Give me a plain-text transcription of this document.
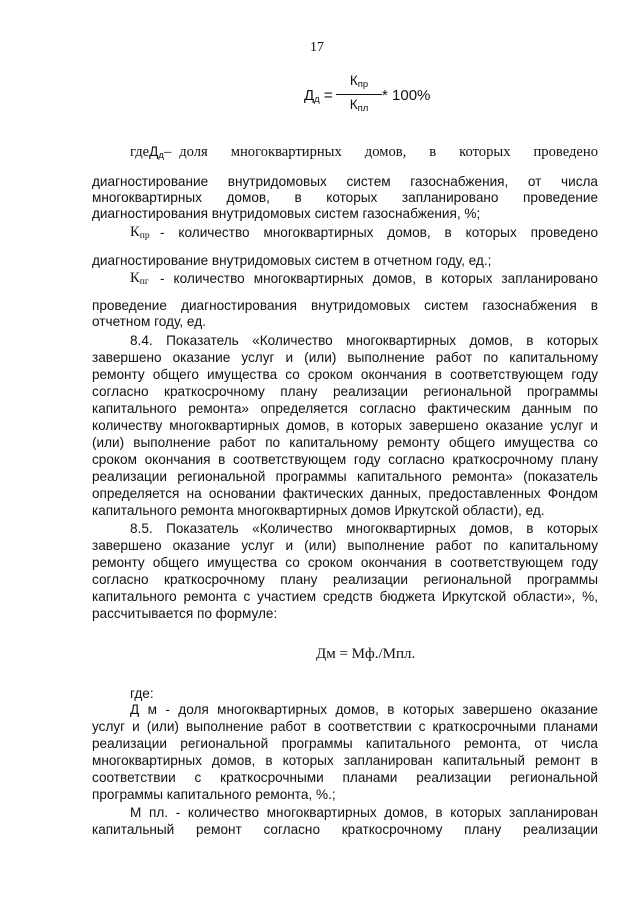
17
$Д_д$ =
$К_{пр}$
$К_{пл}$
* 100%
где $Д_д$ – доля многоквартирных домов, в которых проведено
диагностирование внутридомовых систем газоснабжения, от числа
многоквартирных домов, в которых запланировано проведение
диагностирования внутридомовых систем газоснабжения, %;
$К_{пр}$ - количество многоквартирных домов, в которых проведено
диагностирование внутридомовых систем в отчетном году, ед.;
$К_{пг}$ - количество многоквартирных домов, в которых запланировано
проведение диагностирования внутридомовых систем газоснабжения в
отчетном году, ед.
8.4. Показатель «Количество многоквартирных домов, в которых
завершено оказание услуг и (или) выполнение работ по капитальному
ремонту общего имущества со сроком окончания в соответствующем году
согласно краткосрочному плану реализации региональной программы
капитального ремонта» определяется согласно фактическим данным по
количеству многоквартирных домов, в которых завершено оказание услуг и
(или) выполнение работ по капитальному ремонту общего имущества со
сроком окончания в соответствующем году согласно краткосрочному плану
реализации региональной программы капитального ремонта» (показатель
определяется на основании фактических данных, предоставленных Фондом
капитального ремонта многоквартирных домов Иркутской области), ед.
8.5. Показатель «Количество многоквартирных домов, в которых
завершено оказание услуг и (или) выполнение работ по капитальному
ремонту общего имущества со сроком окончания в соответствующем году
согласно краткосрочному плану реализации региональной программы
капитального ремонта с участием средств бюджета Иркутской области», %,
рассчитывается по формуле:
Дм = Мф./Мпл.
где:
Д м - доля многоквартирных домов, в которых завершено оказание
услуг и (или) выполнение работ в соответствии с краткосрочными планами
реализации региональной программы капитального ремонта, от числа
многоквартирных домов, в которых запланирован капитальный ремонт в
соответствии с краткосрочными планами реализации региональной
программы капитального ремонта, %.;
М пл. - количество многоквартирных домов, в которых запланирован
капитальный ремонт согласно краткосрочному плану реализации
